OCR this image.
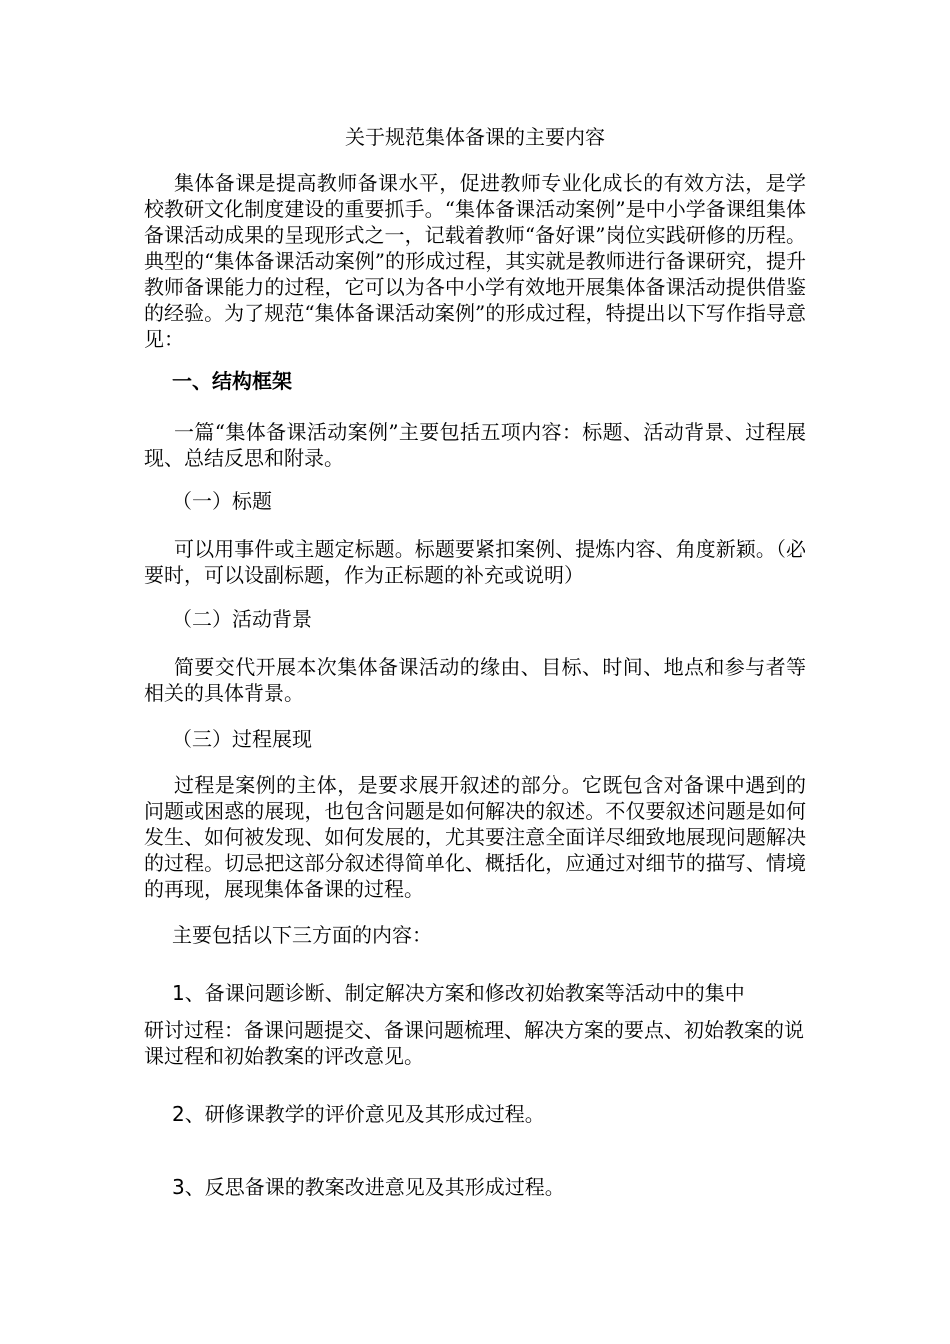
关于规范集体备课的主要内容
集体备课是提高教师备课水平，促进教师专业化成长的有效方法，是学校教研文化制度建设的重要抓手。“集体备课活动案例”是中小学备课组集体备课活动成果的呈现形式之一，记载着教师“备好课”岗位实践研修的历程。典型的“集体备课活动案例”的形成过程，其实就是教师进行备课研究，提升教师备课能力的过程，它可以为各中小学有效地开展集体备课活动提供借鉴的经验。为了规范“集体备课活动案例”的形成过程，特提出以下写作指导意见：
一、结构框架
一篇“集体备课活动案例”主要包括五项内容：标题、活动背景、过程展现、总结反思和附录。
（一）标题
可以用事件或主题定标题。标题要紧扣案例、提炼内容、角度新颖。（必要时，可以设副标题，作为正标题的补充或说明）
（二）活动背景
简要交代开展本次集体备课活动的缘由、目标、时间、地点和参与者等相关的具体背景。
（三）过程展现
过程是案例的主体，是要求展开叙述的部分。它既包含对备课中遇到的问题或困惑的展现，也包含问题是如何解决的叙述。不仅要叙述问题是如何发生、如何被发现、如何发展的，尤其要注意全面详尽细致地展现问题解决的过程。切忌把这部分叙述得简单化、概括化，应通过对细节的描写、情境的再现，展现集体备课的过程。
主要包括以下三方面的内容：
1、备课问题诊断、制定解决方案和修改初始教案等活动中的集中
研讨过程：备课问题提交、备课问题梳理、解决方案的要点、初始教案的说课过程和初始教案的评改意见。
2、研修课教学的评价意见及其形成过程。
3、反思备课的教案改进意见及其形成过程。
